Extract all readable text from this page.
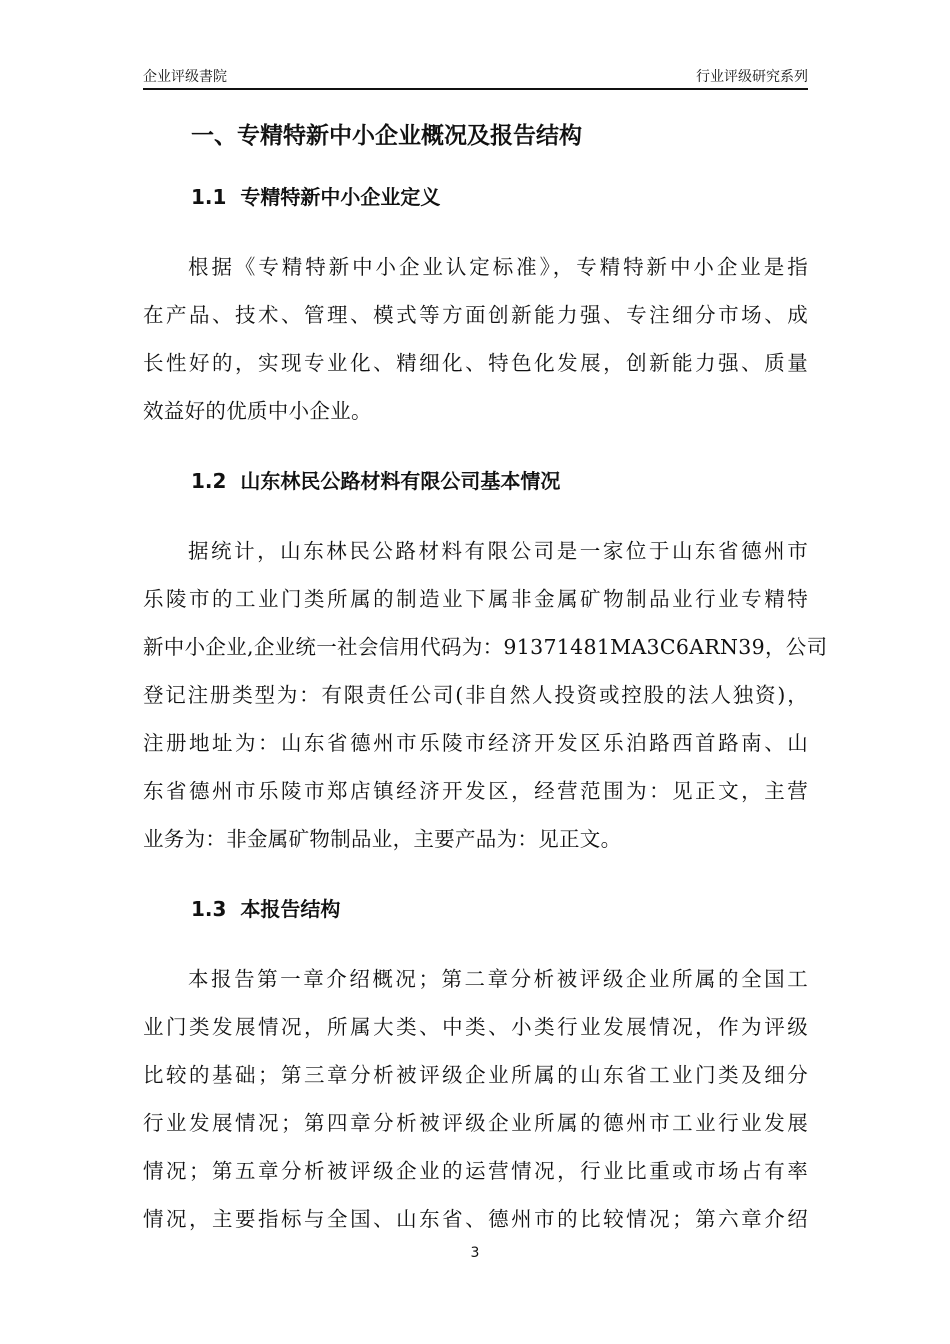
企业评级書院	行业评级研究系列
一、专精特新中小企业概况及报告结构
1.1  专精特新中小企业定义
根据《专精特新中小企业认定标准》，专精特新中小企业是指
在产品、技术、管理、模式等方面创新能力强、专注细分市场、成
长性好的，实现专业化、精细化、特色化发展，创新能力强、质量
效益好的优质中小企业。
1.2  山东林民公路材料有限公司基本情况
据统计，山东林民公路材料有限公司是一家位于山东省德州市
乐陵市的工业门类所属的制造业下属非金属矿物制品业行业专精特
新中小企业,企业统一社会信用代码为：91371481MA3C6ARN39，公司
登记注册类型为：有限责任公司(非自然人投资或控股的法人独资)，
注册地址为：山东省德州市乐陵市经济开发区乐泊路西首路南、山
东省德州市乐陵市郑店镇经济开发区，经营范围为：见正文，主营
业务为：非金属矿物制品业，主要产品为：见正文。
1.3  本报告结构
本报告第一章介绍概况；第二章分析被评级企业所属的全国工
业门类发展情况，所属大类、中类、小类行业发展情况，作为评级
比较的基础；第三章分析被评级企业所属的山东省工业门类及细分
行业发展情况；第四章分析被评级企业所属的德州市工业行业发展
情况；第五章分析被评级企业的运营情况，行业比重或市场占有率
情况，主要指标与全国、山东省、德州市的比较情况；第六章介绍
3
